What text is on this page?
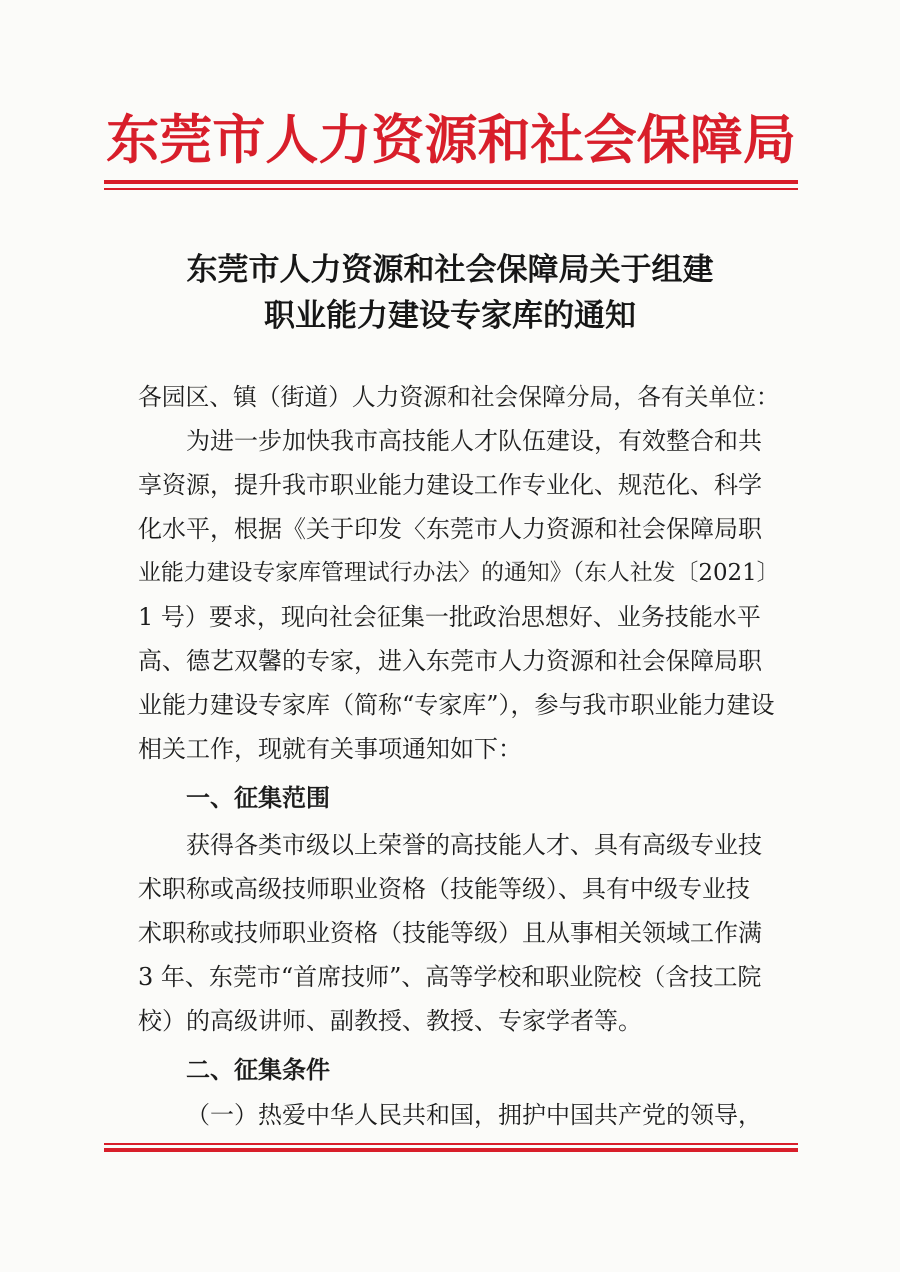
东莞市人力资源和社会保障局
东莞市人力资源和社会保障局关于组建
职业能力建设专家库的通知
各园区、镇（街道）人力资源和社会保障分局，各有关单位：
为进一步加快我市高技能人才队伍建设，有效整合和共
享资源，提升我市职业能力建设工作专业化、规范化、科学
化水平，根据《关于印发〈东莞市人力资源和社会保障局职
业能力建设专家库管理试行办法〉的通知》（东人社发〔2021〕
1 号）要求，现向社会征集一批政治思想好、业务技能水平
高、德艺双馨的专家，进入东莞市人力资源和社会保障局职
业能力建设专家库（简称“专家库”），参与我市职业能力建设
相关工作，现就有关事项通知如下：
一、征集范围
获得各类市级以上荣誉的高技能人才、具有高级专业技
术职称或高级技师职业资格（技能等级）、具有中级专业技
术职称或技师职业资格（技能等级）且从事相关领域工作满
3 年、东莞市“首席技师”、高等学校和职业院校（含技工院
校）的高级讲师、副教授、教授、专家学者等。
二、征集条件
（一）热爱中华人民共和国，拥护中国共产党的领导，
